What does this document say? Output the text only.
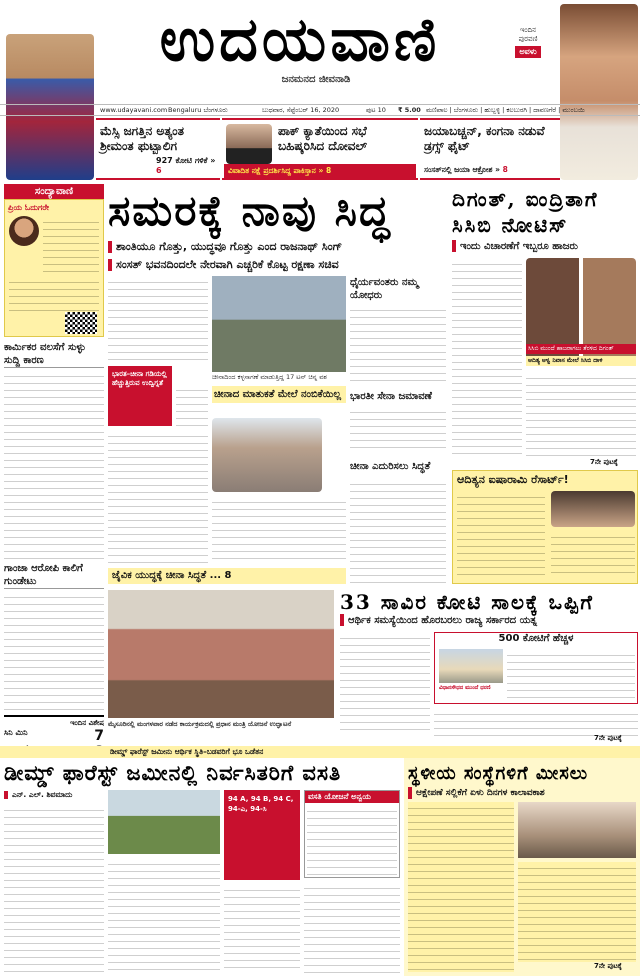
ಉದಯವಾಣಿ
ಜನಮನದ ಜೀವನಾಡಿ
ಇಂದಿನ
ಪುರವಣಿ
ಅವಳು
www.udayavani.com Bengaluru ಬೆಂಗಳೂರು	ಬುಧವಾರ, ಸೆಪ್ಟೆಂಬರ್ 16, 2020	ಪುಟ 10 ₹ 5.00 ಮಣಿಪಾಲ | ಬೆಂಗಳೂರು | ಹುಬ್ಬಳ್ಳಿ | ಕಲಬುರಗಿ | ದಾವಣಗೆರೆ | ಮುಂಬಯಿ
ಮೆಸ್ಸಿ ಜಗತ್ತಿನ ಅತ್ಯಂತ ಶ್ರೀಮಂತ ಫ‌ುಟ್ಬಾಲಿಗ
927 ಕೋಟಿ ಗಳಿಕೆ » 6
ಪಾಕ್‌ ಕ್ಯಾತೆಯಿಂದ ಸಭೆ ಬಹಿಷ್ಕರಿಸಿದ ದೋವಲ್‌
ವಿವಾದಿತ ನಕ್ಷೆ ಪ್ರದರ್ಶಿಸಿದ್ದ ಪಾಕಿಸ್ತಾನ » 8
ಜಯಾಬಚ್ಚನ್‌, ಕಂಗನಾ ನಡುವೆ ಡ್ರಗ್ಸ್‌ ಫೈಟ್‌
ಸಂಸತ್‌ನಲ್ಲಿ ಜಯಾ ಆಕ್ರೋಶ » 8
ಸಂದ್ಯಾವಾಣಿ
ಪ್ರಿಯ ಓದುಗರೇ
ಕಾರ್ಮಿಕರ ವಲಸೆಗೆ ಸುಳ್ಳು ಸುದ್ದಿ ಕಾರಣ
ಗಾಂಜಾ ಆರೋಪಿ ಕಾಲಿಗೆ ಗುಂಡೇಟು
ಇಂದಿನ ವಿಶೇಷ
ಸಿನಿ ಮಿನಿ	7
ಸಮರಕ್ಕೆ ನಾವು ಸಿದ್ಧ
ಶಾಂತಿಯೂ ಗೊತ್ತು, ಯುದ್ಧವೂ ಗೊತ್ತು ಎಂದ ರಾಜನಾಥ್‌ ಸಿಂಗ್‌
ಸಂಸತ್‌ ಭವನದಿಂದಲೇ ನೇರವಾಗಿ ಎಚ್ಚರಿಕೆ ಕೊಟ್ಟ ರಕ್ಷಣಾ ಸಚಿವ
ಚೀನಾದಿಂದ ಕಳ್ಳಸಾಗಣೆ ಮಾಡುತ್ತಿದ್ದ 17 ಟನ್ ಚಿನ್ನ ವಶ
ಧೈರ್ಯವಂತರು ನಮ್ಮ ಯೋಧರು
ಭಾರತ–ಚೀನಾ ಗಡಿಯಲ್ಲಿ ಹೆಚ್ಚುತ್ತಿರುವ ಉದ್ವಿಗ್ನತೆ
ಚೀನಾದ ಮಾತುಕತೆ ಮೇಲೆ ನಂಬಿಕೆಯಿಲ್ಲ
ಜೈವಿಕ ಯುದ್ಧಕ್ಕೆ ಚೀನಾ ಸಿದ್ಧತೆ ... 8
ಭಾರತೀ ಸೇನಾ ಜಮಾವಣೆ
ಚೀನಾ ಎದುರಿಸಲು ಸಿದ್ಧತೆ
ದಿಗಂತ್‌, ಐಂದ್ರಿತಾಗೆ ಸಿಸಿಬಿ ನೋಟಿಸ್‌
ಇಂದು ವಿಚಾರಣೆಗೆ ಇಬ್ಬರೂ ಹಾಜರು
ಸಿಸಿಬಿ ಮುಂದೆ ಹಾಜರಾಗಲು ತೆರಳಿದ ದಿಗಂತ್
ಆದಿತ್ಯ ಆಳ್ವ ನಿವಾಸ ಮೇಲೆ ಸಿಸಿಬಿ ದಾಳಿ
7ನೇ ಪುಟಕ್ಕೆ
ಆದಿತ್ಯನ ಐಷಾರಾಮಿ ರೆಸಾರ್ಟ್‌!
ಮೈಸೂರಿನಲ್ಲಿ ಮಂಗಳವಾರ ನಡೆದ ಕಾರ್ಯಕ್ರಮದಲ್ಲಿ ಪ್ರಧಾನ ಮಂತ್ರಿ ಯೋಜನೆ ಉದ್ಘಾಟನೆ
33 ಸಾವಿರ ಕೋಟಿ ಸಾಲಕ್ಕೆ ಒಪ್ಪಿಗೆ
ಆರ್ಥಿಕ ಸಮಸ್ಯೆಯಿಂದ ಹೊರಬರಲು ರಾಜ್ಯ ಸರ್ಕಾರದ ಯತ್ನ
500 ಕೋಟಿಗೆ ಹೆಚ್ಚಳ
ವಿಧಾನಸೌಧದ ಮುಂದೆ ಧರಣಿ
7ನೇ ಪುಟಕ್ಕೆ
ಡೀಮ್ಡ್‌ ಫಾರೆಸ್ಟ್‌ ಜಮೀನು ಆರ್ಥಿಕ ಸ್ಥಿತಿ–ಬಡವರಿಗೆ ಭೂ ಒಡೆತನ
ಡೀಮ್ಡ್‌ ಫಾರೆಸ್ಟ್‌ ಜಮೀನಲ್ಲಿ ನಿರ್ವಸಿತರಿಗೆ ವಸತಿ
ಎನ್‌. ಎಲ್‌. ಶಿವಮಾದು	94 A, 94 B, 94 C, 94-ಎ, 94-ಸಿ
ವಸತಿ ಯೋಜನೆ ಅನ್ವಯ
ಸ್ಥಳೀಯ ಸಂಸ್ಥೆಗಳಿಗೆ ಮೀಸಲು
ಆಕ್ಷೇಪಣೆ ಸಲ್ಲಿಕೆಗೆ ಏಳು ದಿನಗಳ ಕಾಲಾವಕಾಶ
7ನೇ ಪುಟಕ್ಕೆ
